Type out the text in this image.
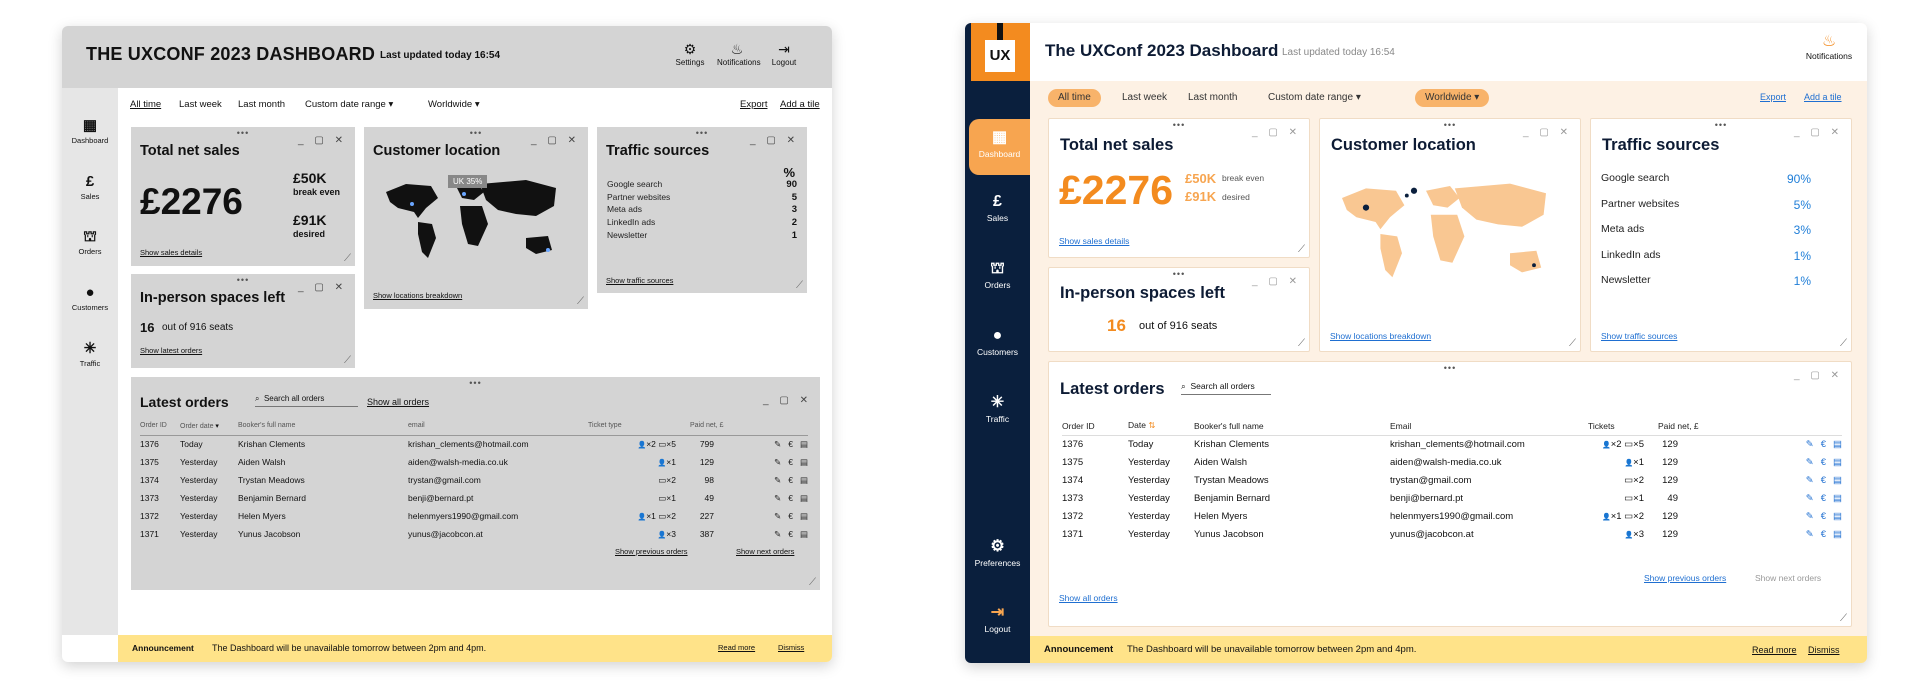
THE UXCONF 2023 DASHBOARD Last updated today 16:54	⚙
Settings
♨
Notifications
⇥
Logout
▦
Dashboard
£
Sales
⛫
Orders
●
Customers
✳
Traffic
All time Last week Last month Custom date range ▾	Worldwide ▾	Export Add a tile
•••
_ ▢ ✕
Total net sales
£2276
£50K
break even
£91K
desired
Show sales details
⟋
•••
_ ▢ ✕
Customer location
UK 35%
Show locations breakdown
⟋
•••
_ ▢ ✕
Traffic sources
%
Google search	90
Partner websites	5
Meta ads	3
LinkedIn ads	2
Newsletter	1
Show traffic sources	⟋
•••
_ ▢ ✕
In-person spaces left
16 out of 916 seats
Show latest orders
⟋
•••
_ ▢ ✕
Latest orders	⌕ Search all orders	Show all orders
Order ID	Order date ▾	Booker's full name	email	Ticket type	Paid net, £	
1376	Today	Krishan Clements	krishan_clements@hotmail.com	👤×2 ▭×5	799	✎ € ▤
1375	Yesterday	Aiden Walsh	aiden@walsh-media.co.uk	👤×1	129	✎ € ▤
1374	Yesterday	Trystan Meadows	trystan@gmail.com	▭×2	98	✎ € ▤
1373	Yesterday	Benjamin Bernard	benji@bernard.pt	▭×1	49	✎ € ▤
1372	Yesterday	Helen Myers	helenmyers1990@gmail.com	👤×1 ▭×2	227	✎ € ▤
1371	Yesterday	Yunus Jacobson	yunus@jacobcon.at	👤×3	387	✎ € ▤
Show previous orders	Show next orders
⟋
Announcement The Dashboard will be unavailable tomorrow between 2pm and 4pm.	Read more	Dismiss
UX
▦
Dashboard
£
Sales
⛫
Orders
●
Customers
✳
Traffic
⚙
Preferences
⇥
Logout
The UXConf 2023 Dashboard Last updated today 16:54
♨
Notifications
All time	Last week Last month	Custom date range ▾	Worldwide ▾	Export Add a tile
•••
_ ▢ ✕
Total net sales
£2276 £50K break even
£91K desired
Show sales details
⟋
•••
_ ▢ ✕
Customer location
Show locations breakdown
⟋
•••
_ ▢ ✕
Traffic sources
Google search	90%
Partner websites	5%
Meta ads	3%
LinkedIn ads	1%
Newsletter	1%
Show traffic sources
⟋
•••
_ ▢ ✕
In-person spaces left
16 out of 916 seats
⟋
•••
_ ▢ ✕
Latest orders ⌕ Search all orders
Order ID	Date ⇅	Booker's full name	Email	Tickets	Paid net, £	
1376	Today	Krishan Clements	krishan_clements@hotmail.com	👤×2 ▭×5	129	✎ € ▤
1375	Yesterday	Aiden Walsh	aiden@walsh-media.co.uk	👤×1	129	✎ € ▤
1374	Yesterday	Trystan Meadows	trystan@gmail.com	▭×2	129	✎ € ▤
1373	Yesterday	Benjamin Bernard	benji@bernard.pt	▭×1	49	✎ € ▤
1372	Yesterday	Helen Myers	helenmyers1990@gmail.com	👤×1 ▭×2	129	✎ € ▤
1371	Yesterday	Yunus Jacobson	yunus@jacobcon.at	👤×3	129	✎ € ▤
Show previous orders	Show next orders
Show all orders
⟋
Announcement The Dashboard will be unavailable tomorrow between 2pm and 4pm.	Read more Dismiss
